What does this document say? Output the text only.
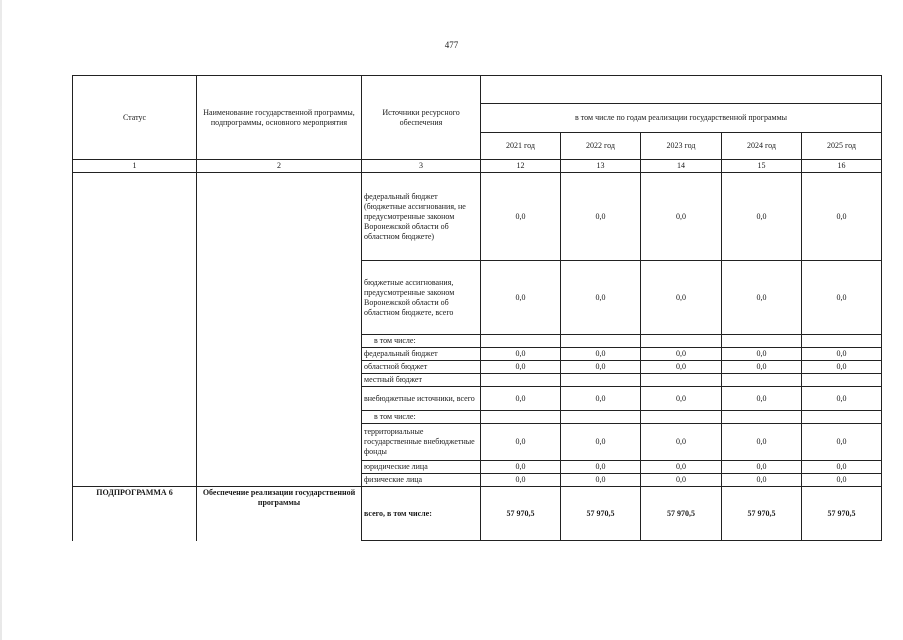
477
Статус	Наименование государственной программы, подпрограммы, основного мероприятия	Источники ресурсного обеспечения					
			в том числе по годам реализации государственной программы				
			2021 год	2022 год	2023 год	2024 год	2025 год
1	2	3	12	13	14	15	16
		федеральный бюджет (бюджетные ассигнования, не предусмотренные законом Воронежской области об областном бюджете)	0,0	0,0	0,0	0,0	0,0
		бюджетные ассигнования, предусмотренные законом Воронежской области об областном бюджете, всего	0,0	0,0	0,0	0,0	0,0
		в том числе:					
		федеральный бюджет	0,0	0,0	0,0	0,0	0,0
		областной бюджет	0,0	0,0	0,0	0,0	0,0
		местный бюджет					
		внебюджетные источники, всего	0,0	0,0	0,0	0,0	0,0
		в том числе:					
		территориальные государственные внебюджетные фонды	0,0	0,0	0,0	0,0	0,0
		юридические лица	0,0	0,0	0,0	0,0	0,0
		физические лица	0,0	0,0	0,0	0,0	0,0
ПОДПРОГРАММА 6	Обеспечение реализации государственной программы	всего, в том числе:	57 970,5	57 970,5	57 970,5	57 970,5	57 970,5
